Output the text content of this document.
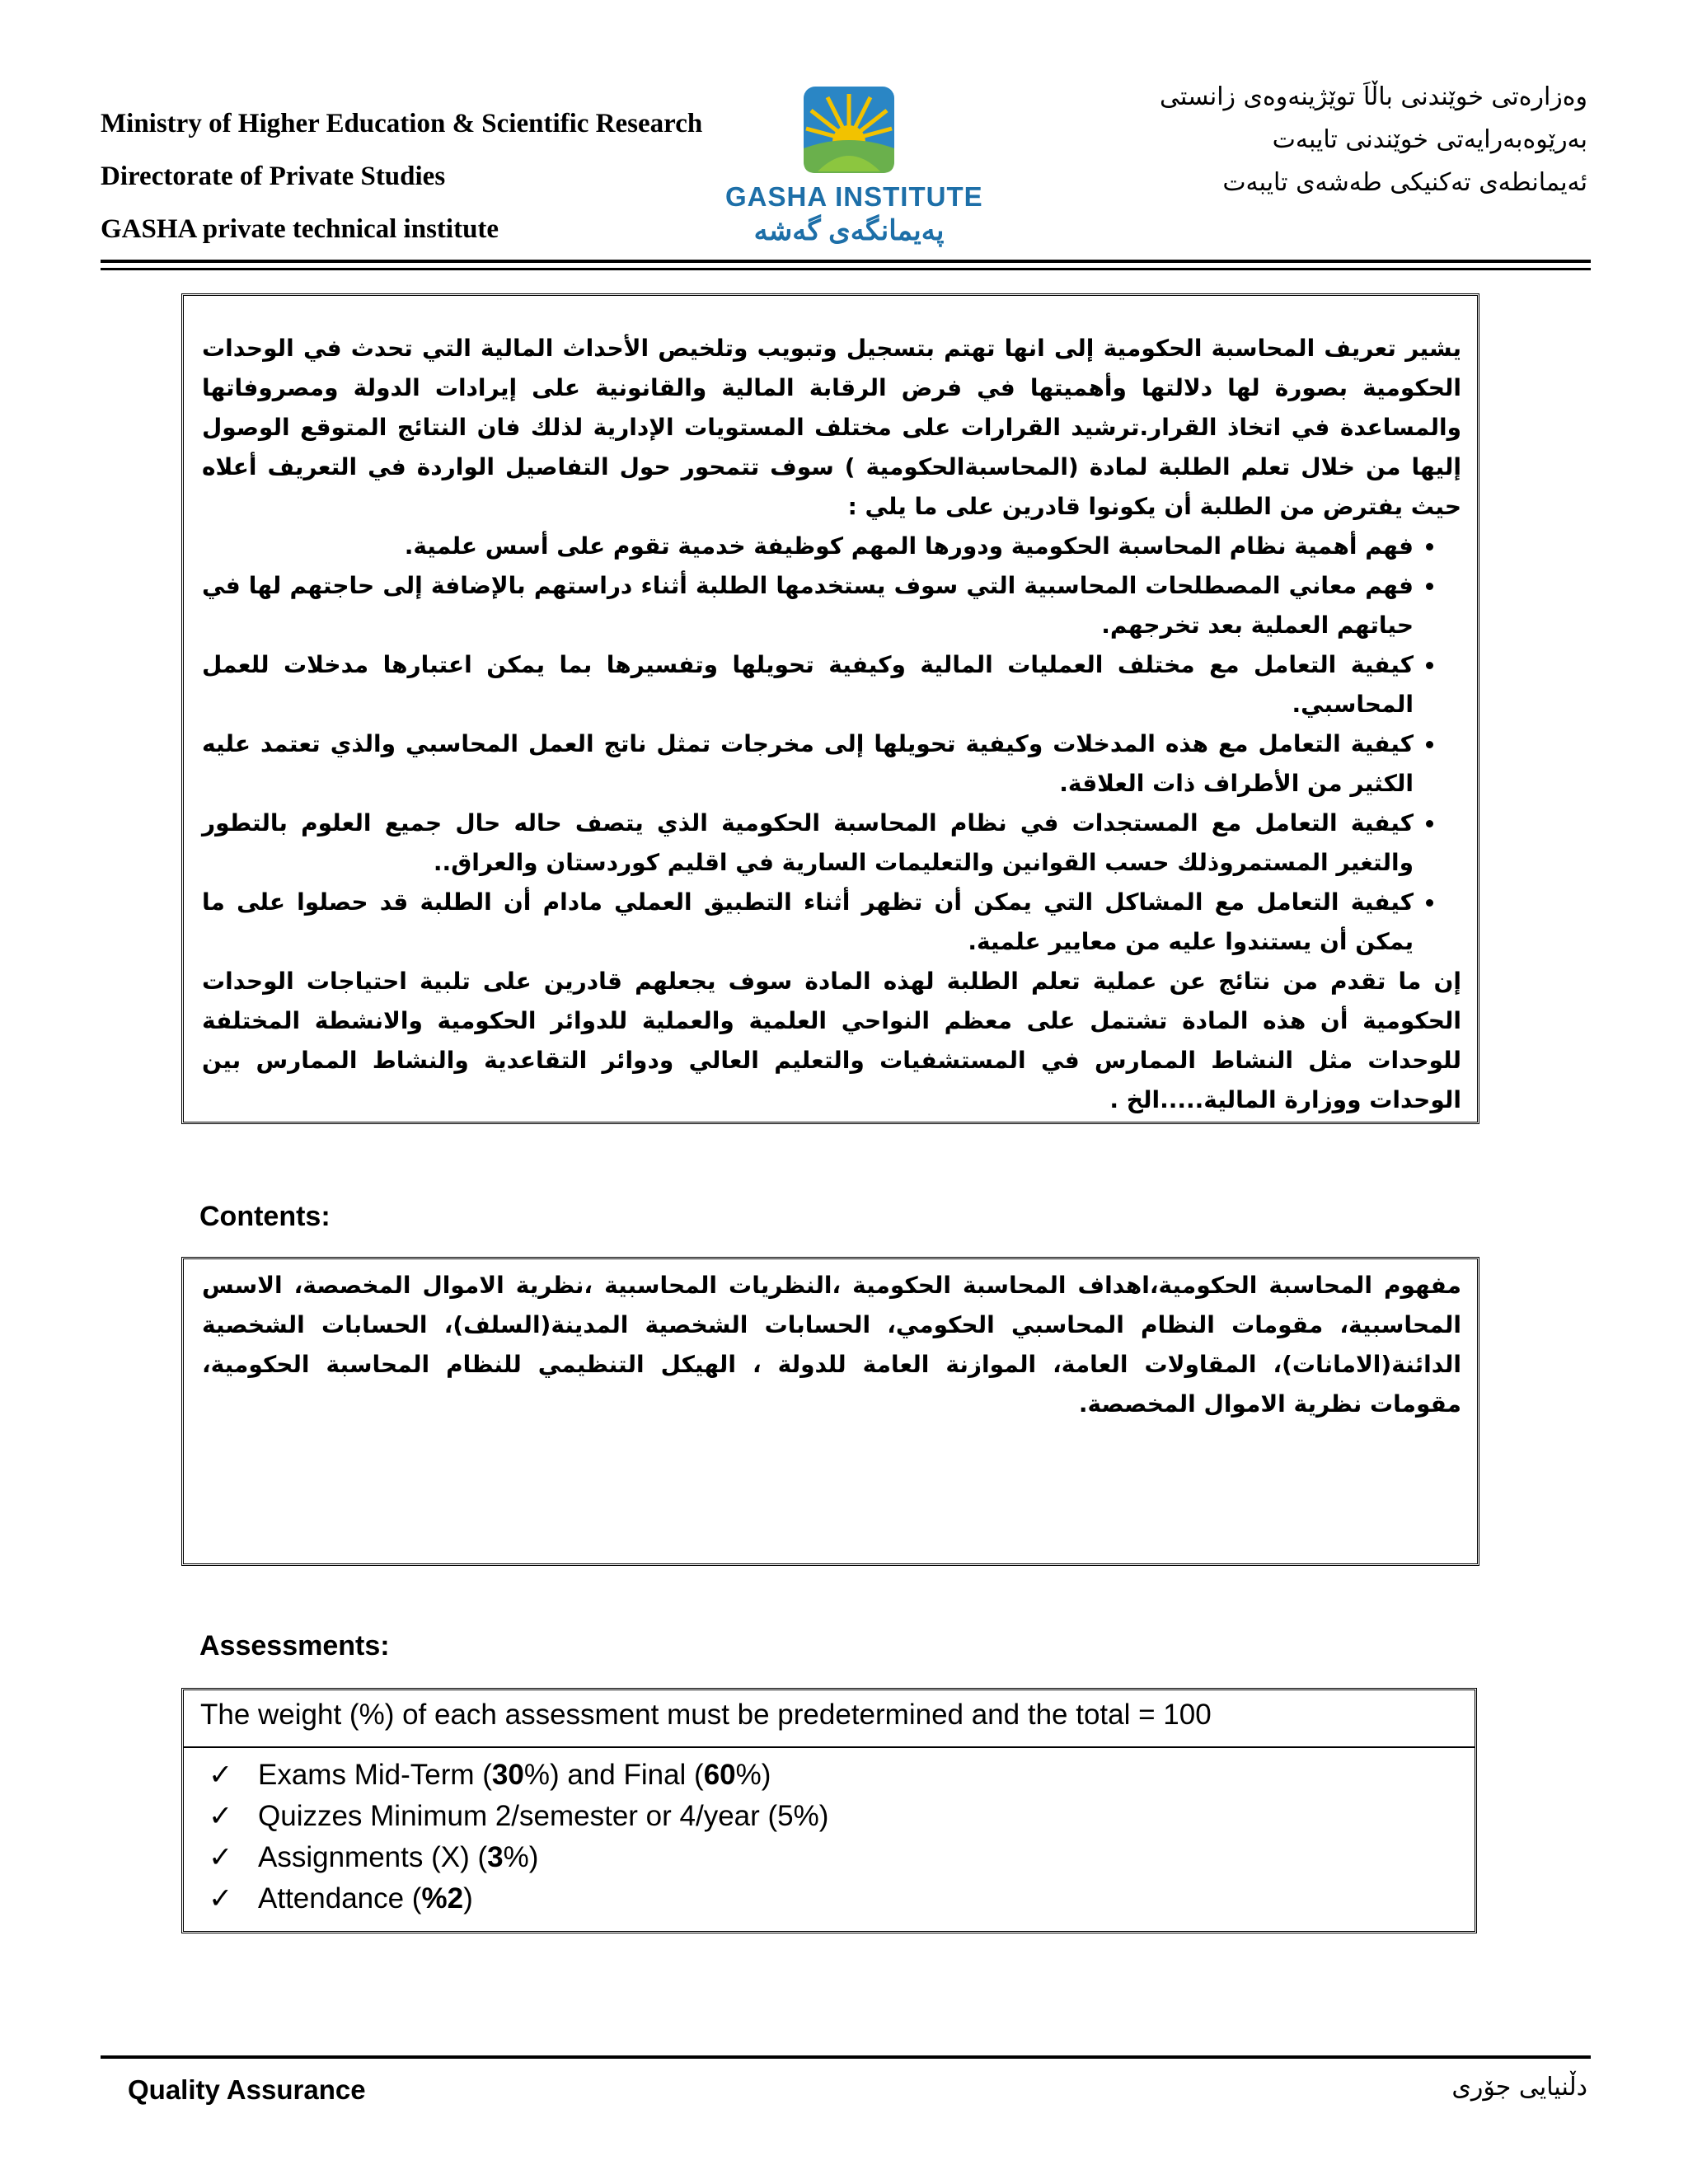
Ministry of Higher Education & Scientific Research
Directorate of Private Studies
GASHA private technical institute
GASHA INSTITUTE
پەیمانگەی گەشە
وەزارەتی خوێندنی باڵاَ توێژینەوەی زانستی
بەرێوەبەرایەتی خوێندنی تایبەت
ئەیمانطەی تەکنیکی طەشەی تایبەت

يشير تعريف المحاسبة الحكومية إلى انها تهتم بتسجيل وتبويب وتلخيص الأحداث المالية التي تحدث في الوحدات الحكومية بصورة لها دلالتها وأهميتها في فرض الرقابة المالية والقانونية على إيرادات الدولة ومصروفاتها والمساعدة في اتخاذ القرار.ترشيد القرارات على مختلف المستويات الإدارية لذلك فان النتائج المتوقع الوصول إليها من خلال تعلم الطلبة لمادة (المحاسبةالحكومية ) سوف تتمحور حول التفاصيل الواردة في التعريف أعلاه حيث يفترض من الطلبة أن يكونوا قادرين على ما يلي :

• فهم أهمية نظام المحاسبة الحكومية ودورها المهم كوظيفة خدمية تقوم على أسس علمية.
• فهم معاني المصطلحات المحاسبية التي سوف يستخدمها الطلبة أثناء دراستهم بالإضافة إلى حاجتهم لها في حياتهم العملية بعد تخرجهم.
• كيفية التعامل مع مختلف العمليات المالية وكيفية تحويلها وتفسيرها بما يمكن اعتبارها مدخلات للعمل المحاسبي.
• كيفية التعامل مع هذه المدخلات وكيفية تحويلها إلى مخرجات تمثل ناتج العمل المحاسبي والذي تعتمد عليه الكثير من الأطراف ذات العلاقة.
• كيفية التعامل مع المستجدات في نظام المحاسبة الحكومية الذي يتصف حاله حال جميع العلوم بالتطور والتغير المستمروذلك حسب القوانين والتعليمات السارية في اقليم كوردستان والعراق..
• كيفية التعامل مع المشاكل التي يمكن أن تظهر أثناء التطبيق العملي مادام أن الطلبة قد حصلوا على ما يمكن أن يستندوا عليه من معايير علمية.

إن ما تقدم من نتائج عن عملية تعلم الطلبة لهذه المادة سوف يجعلهم قادرين على تلبية احتياجات الوحدات الحكومية أن هذه المادة تشتمل على معظم النواحي العلمية والعملية للدوائر الحكومية والانشطة المختلفة للوحدات مثل النشاط الممارس في المستشفيات والتعليم العالي ودوائر التقاعدية والنشاط الممارس بين الوحدات ووزارة المالية.....الخ .

Contents:
مفهوم المحاسبة الحكومية،اهداف المحاسبة الحكومية ،النظريات المحاسبية ،نظرية الاموال المخصصة، الاسس المحاسبية، مقومات النظام المحاسبي الحكومي، الحسابات الشخصية المدينة(السلف)، الحسابات الشخصية الدائنة(الامانات)، المقاولات العامة، الموازنة العامة للدولة ، الهيكل التنظيمي للنظام المحاسبة الحكومية، مقومات نظرية الاموال المخصصة.
Assessments:
The weight (%) of each assessment must be predetermined and the total = 100
✓ Exams Mid-Term (30%) and Final (60%)
✓ Quizzes Minimum 2/semester or 4/year (5%)
✓ Assignments (X) (3%)
✓ Attendance (%2)
Quality Assurance	دڵنیایی جۆری
